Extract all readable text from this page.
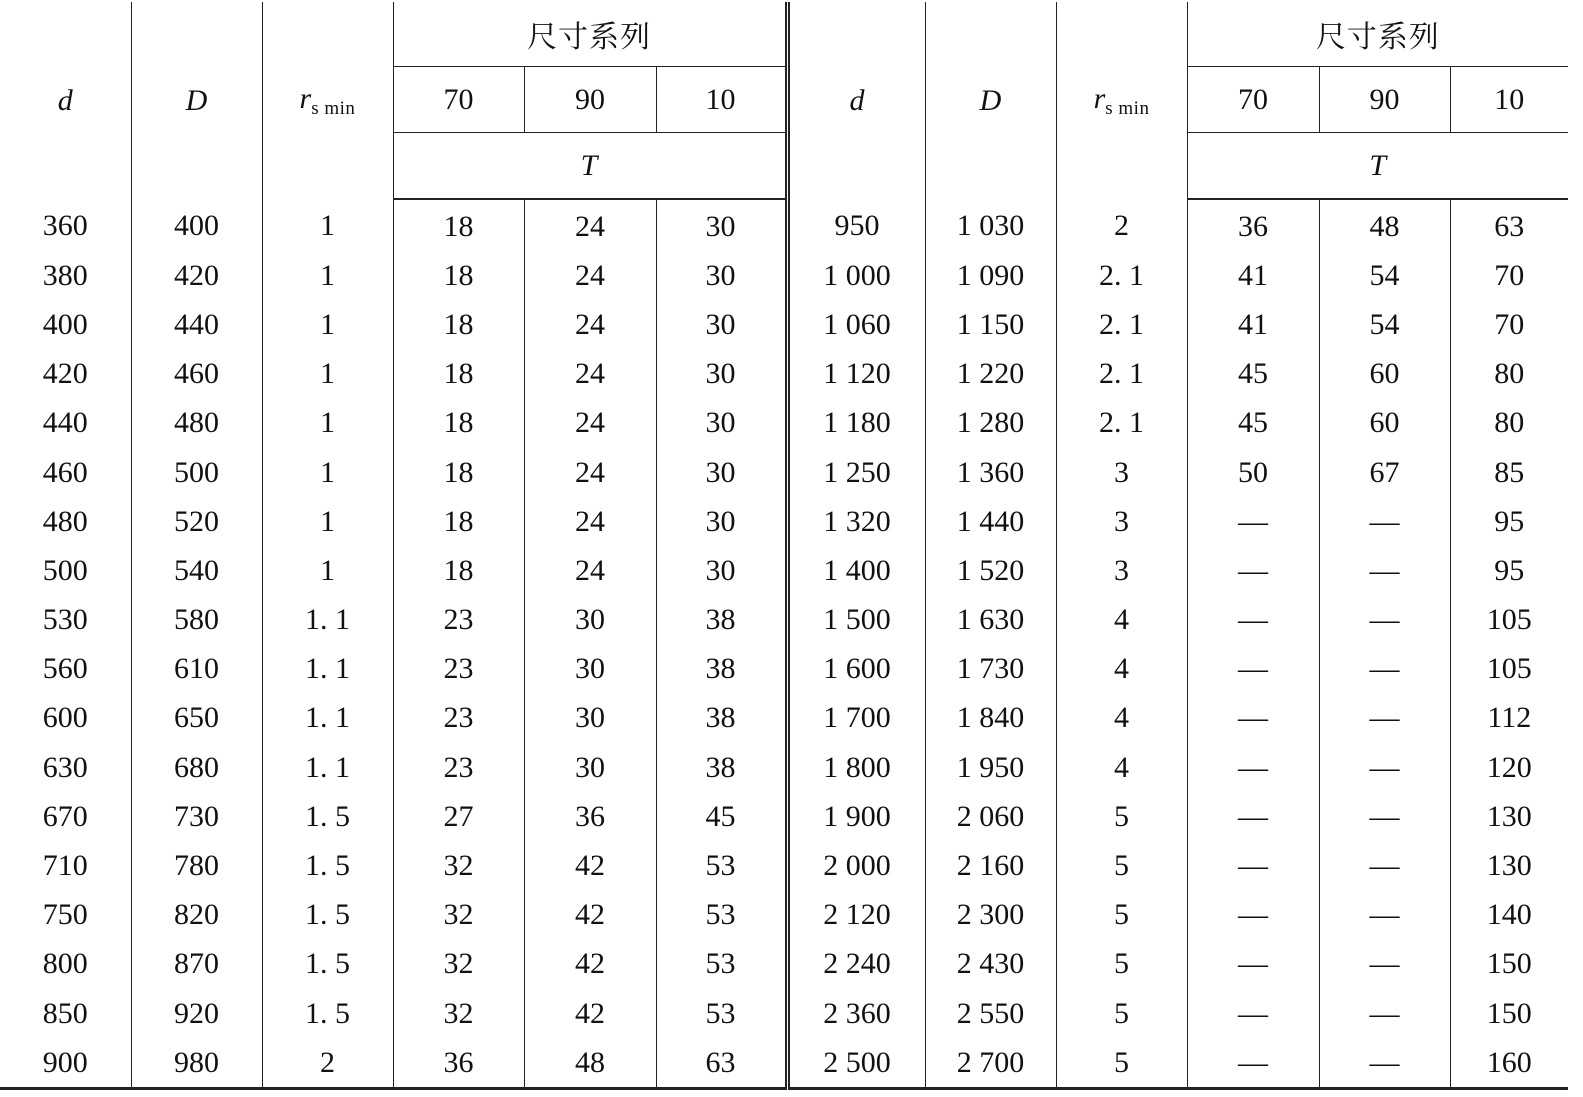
d	D	$r_{s min}$	尺寸系列			d	D	$r_{s min}$	尺寸系列		
			70	90	10				70	90	10
			T						T		
360	400	1	18	24	30	950	1 030	2	36	48	63
380	420	1	18	24	30	1 000	1 090	2. 1	41	54	70
400	440	1	18	24	30	1 060	1 150	2. 1	41	54	70
420	460	1	18	24	30	1 120	1 220	2. 1	45	60	80
440	480	1	18	24	30	1 180	1 280	2. 1	45	60	80
460	500	1	18	24	30	1 250	1 360	3	50	67	85
480	520	1	18	24	30	1 320	1 440	3	—	—	95
500	540	1	18	24	30	1 400	1 520	3	—	—	95
530	580	1. 1	23	30	38	1 500	1 630	4	—	—	105
560	610	1. 1	23	30	38	1 600	1 730	4	—	—	105
600	650	1. 1	23	30	38	1 700	1 840	4	—	—	112
630	680	1. 1	23	30	38	1 800	1 950	4	—	—	120
670	730	1. 5	27	36	45	1 900	2 060	5	—	—	130
710	780	1. 5	32	42	53	2 000	2 160	5	—	—	130
750	820	1. 5	32	42	53	2 120	2 300	5	—	—	140
800	870	1. 5	32	42	53	2 240	2 430	5	—	—	150
850	920	1. 5	32	42	53	2 360	2 550	5	—	—	150
900	980	2	36	48	63	2 500	2 700	5	—	—	160
